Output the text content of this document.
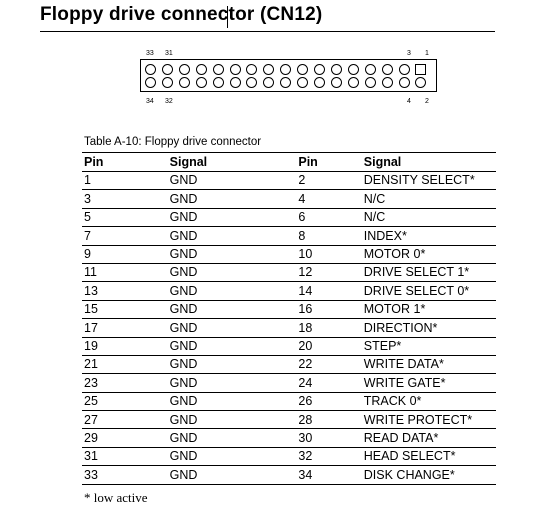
Floppy drive connector (CN12)
33 31	3 1
34 32	4 2
Table A-10: Floppy drive connector
Pin	Signal	Pin	Signal
1	GND	2	DENSITY SELECT*
3	GND	4	N/C
5	GND	6	N/C
7	GND	8	INDEX*
9	GND	10	MOTOR 0*
11	GND	12	DRIVE SELECT 1*
13	GND	14	DRIVE SELECT 0*
15	GND	16	MOTOR 1*
17	GND	18	DIRECTION*
19	GND	20	STEP*
21	GND	22	WRITE DATA*
23	GND	24	WRITE GATE*
25	GND	26	TRACK 0*
27	GND	28	WRITE PROTECT*
29	GND	30	READ DATA*
31	GND	32	HEAD SELECT*
33	GND	34	DISK CHANGE*
* low active
